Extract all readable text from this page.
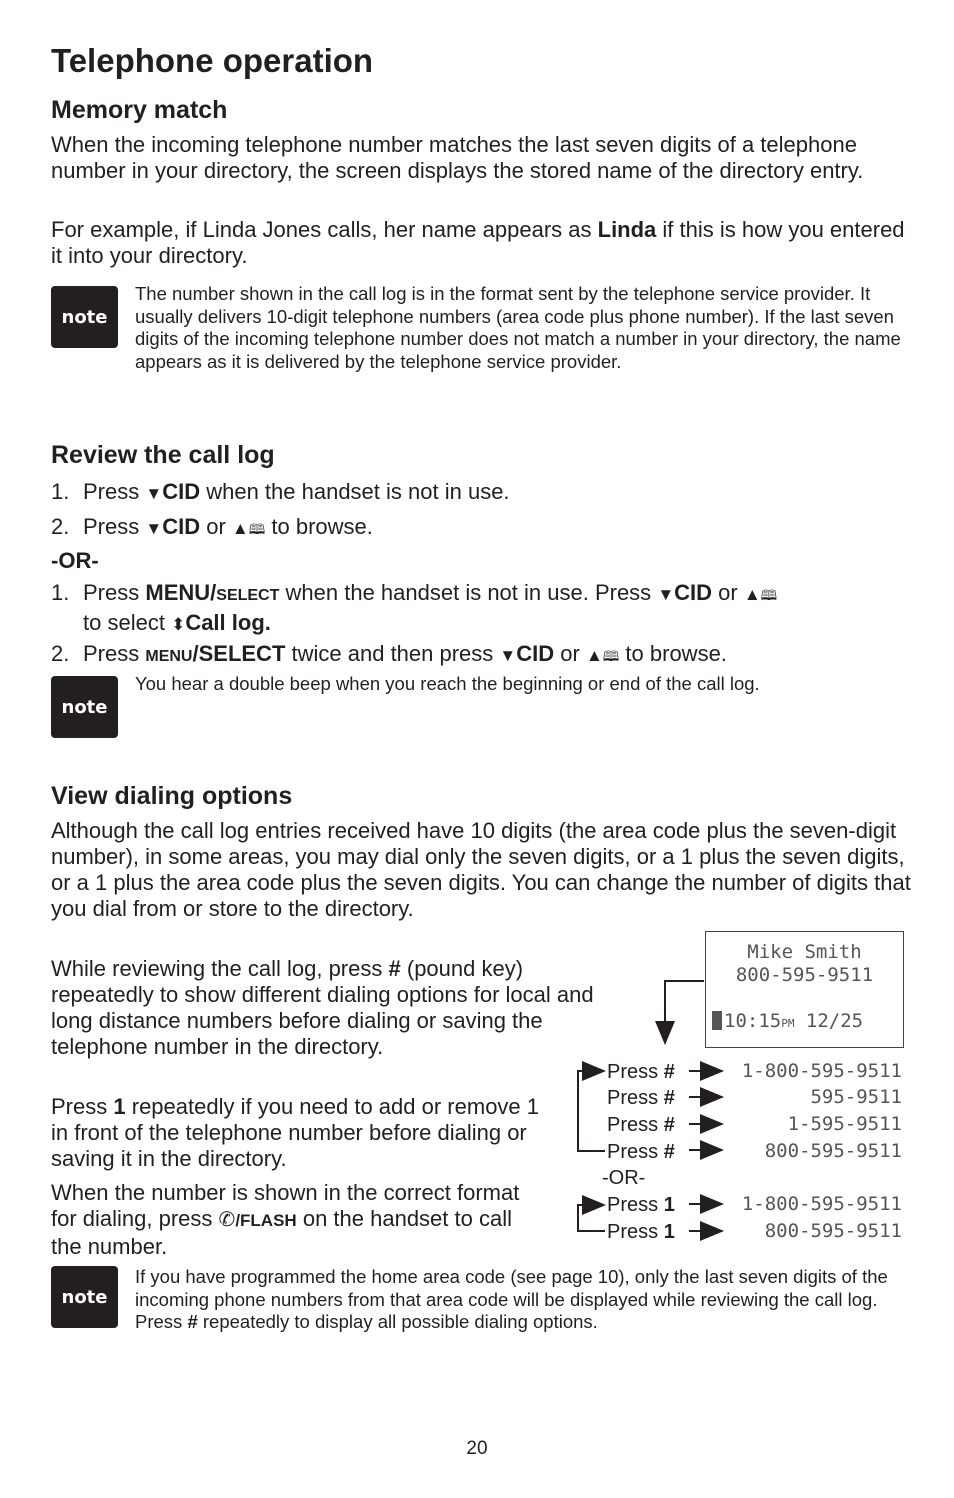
Telephone operation
Memory match

When the incoming telephone number matches the last seven digits of a telephone number in your directory, the screen displays the stored name of the directory entry.

For example, if Linda Jones calls, her name appears as Linda if this is how you entered it into your directory.

note

The number shown in the call log is in the format sent by the telephone service provider. It usually delivers 10-digit telephone numbers (area code plus phone number). If the last seven digits of the incoming telephone number does not match a number in your directory, the name appears as it is delivered by the telephone service provider.

Review the call log
1. Press ▼CID when the handset is not in use.
2. Press ▼CID or ▲🕮 to browse.
-OR-
1. Press MENU/SELECT when the handset is not in use. Press ▼CID or ▲🕮
to select ⬍Call log.
2. Press MENU/SELECT twice and then press ▼CID or ▲🕮 to browse.
note

You hear a double beep when you reach the beginning or end of the call log.

View dialing options

Although the call log entries received have 10 digits (the area code plus the seven-digit number), in some areas, you may dial only the seven digits, or a 1 plus the seven digits, or a 1 plus the area code plus the seven digits. You can change the number of digits that you dial from or store to the directory.

While reviewing the call log, press # (pound key) repeatedly to show different dialing options for local and long distance numbers before dialing or saving the telephone number in the directory.

Press 1 repeatedly if you need to add or remove 1 in front of the telephone number before dialing or saving it in the directory.

When the number is shown in the correct format for dialing, press ✆/FLASH on the handset to call the number.

Mike Smith
800-595-9511
10:15PM 12/25
Press #	1-800-595-9511
Press #	595-9511
Press #	1-595-9511
Press #	800-595-9511
-OR-
Press 1	1-800-595-9511
Press 1	800-595-9511
note

If you have programmed the home area code (see page 10), only the last seven digits of the incoming phone numbers from that area code will be displayed while reviewing the call log. Press # repeatedly to display all possible dialing options.

20
